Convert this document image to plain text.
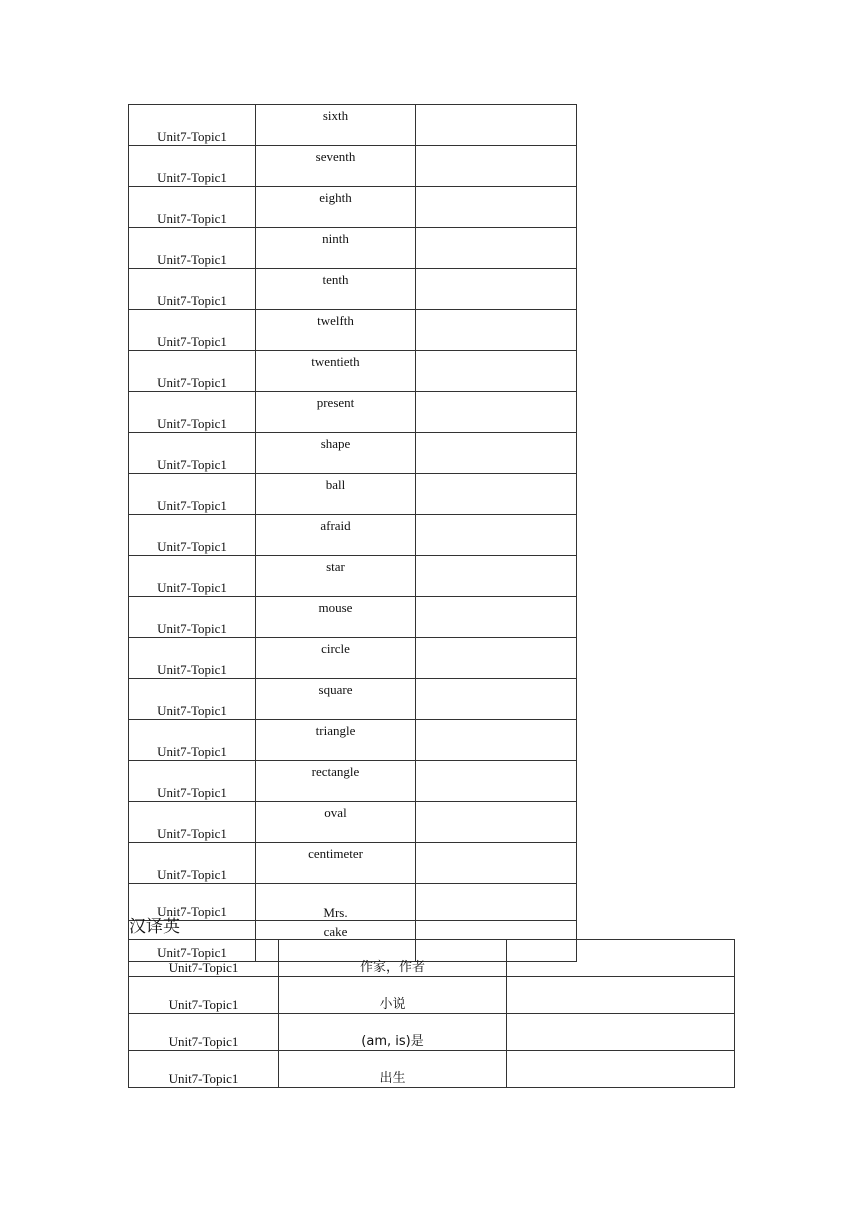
Unit7-Topic1	sixth	
Unit7-Topic1	seventh	
Unit7-Topic1	eighth	
Unit7-Topic1	ninth	
Unit7-Topic1	tenth	
Unit7-Topic1	twelfth	
Unit7-Topic1	twentieth	
Unit7-Topic1	present	
Unit7-Topic1	shape	
Unit7-Topic1	ball	
Unit7-Topic1	afraid	
Unit7-Topic1	star	
Unit7-Topic1	mouse	
Unit7-Topic1	circle	
Unit7-Topic1	square	
Unit7-Topic1	triangle	
Unit7-Topic1	rectangle	
Unit7-Topic1	oval	
Unit7-Topic1	centimeter	
Unit7-Topic1	Mrs.	
Unit7-Topic1	cake	
汉译英
Unit7-Topic1	作家，作者	
Unit7-Topic1	小说	
Unit7-Topic1	(am, is)是	
Unit7-Topic1	出生	
